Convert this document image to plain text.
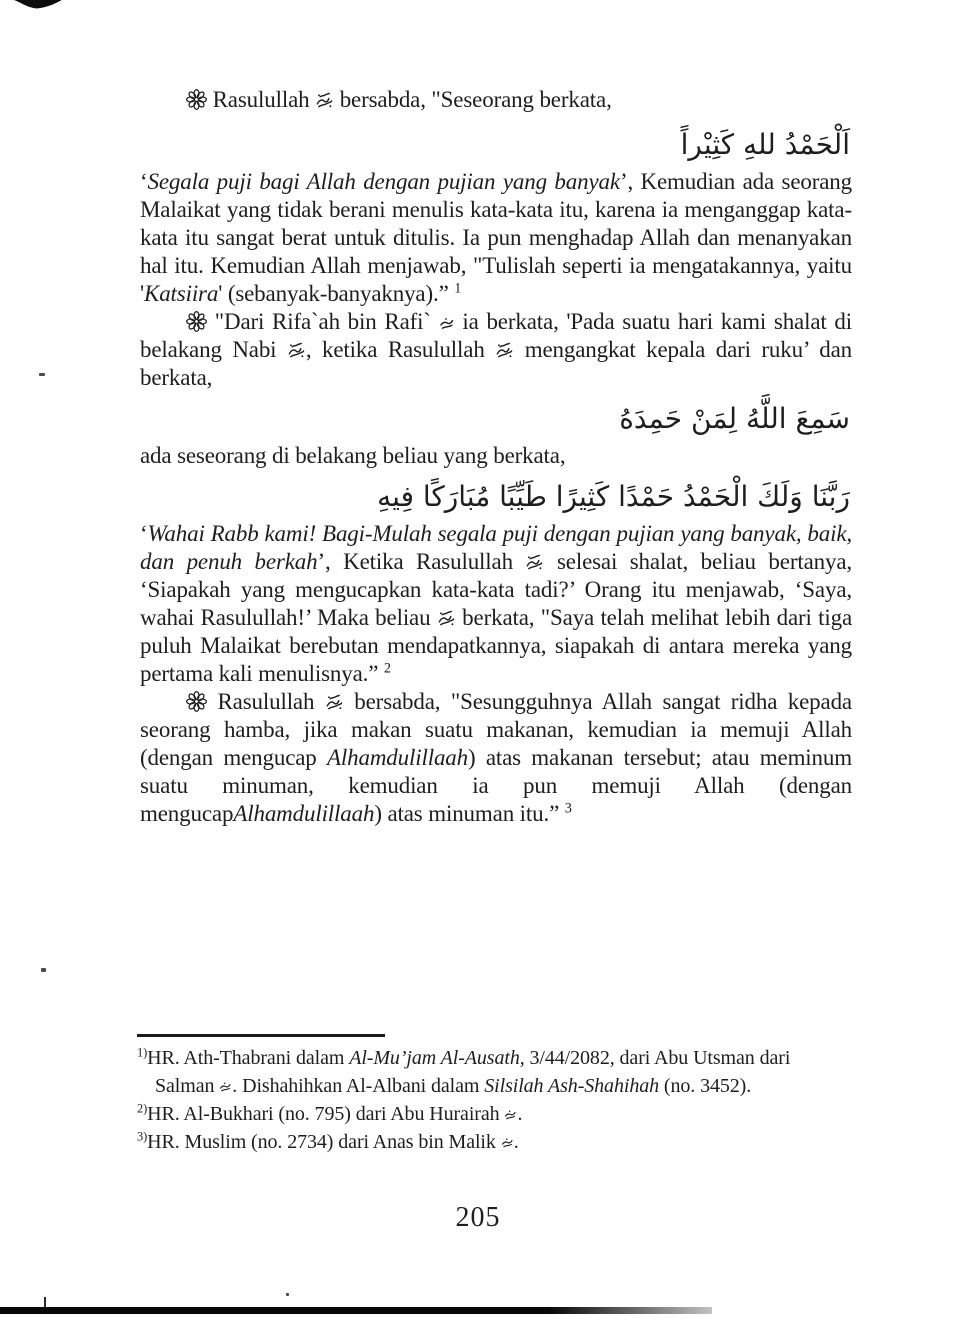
Rasulullah  bersabda, "Seseorang berkata,

اَلْحَمْدُ للهِ كَثِيْراً

‘Segala puji bagi Allah dengan pujian yang banyak’, Kemudian ada seorang Malaikat yang tidak berani menulis kata-kata itu, karena ia menganggap kata-kata itu sangat berat untuk ditulis. Ia pun menghadap Allah dan menanyakan hal itu. Kemudian Allah menjawab, "Tulislah seperti ia mengatakannya, yaitu 'Katsiira' (sebanyak-banyaknya).” $^1$

"Dari Rifa`ah bin Rafi`  ia berkata, 'Pada suatu hari kami shalat di belakang Nabi , ketika Rasulullah  mengangkat kepala dari ruku’ dan berkata,

سَمِعَ اللَّهُ لِمَنْ حَمِدَهُ

ada seseorang di belakang beliau yang berkata,

رَبَّنَا وَلَكَ الْحَمْدُ حَمْدًا كَثِيرًا طَيِّبًا مُبَارَكًا فِيهِ

‘Wahai Rabb kami! Bagi-Mulah segala puji dengan pujian yang banyak, baik, dan penuh berkah’, Ketika Rasulullah  selesai shalat, beliau bertanya, ‘Siapakah yang mengucapkan kata-kata tadi?’ Orang itu menjawab, ‘Saya, wahai Rasulullah!’ Maka beliau  berkata, "Saya telah melihat lebih dari tiga puluh Malaikat berebutan mendapatkannya, siapakah di antara mereka yang pertama kali menulisnya.” $^2$

Rasulullah  bersabda, "Sesungguhnya Allah sangat ridha kepada seorang hamba, jika makan suatu makanan, kemudian ia memuji Allah (dengan mengucap Alhamdulillaah) atas makanan tersebut; atau meminum suatu minuman, kemudian ia pun memuji Allah (dengan mengucapAlhamdulillaah) atas minuman itu.” $^3$

$^{1)}$HR. Ath-Thabrani dalam Al-Mu’jam Al-Ausath, 3/44/2082, dari Abu Utsman dari Salman . Dishahihkan Al-Albani dalam Silsilah Ash-Shahihah (no. 3452).

$^{2)}$HR. Al-Bukhari (no. 795) dari Abu Hurairah .

$^{3)}$HR. Muslim (no. 2734) dari Anas bin Malik .

205
